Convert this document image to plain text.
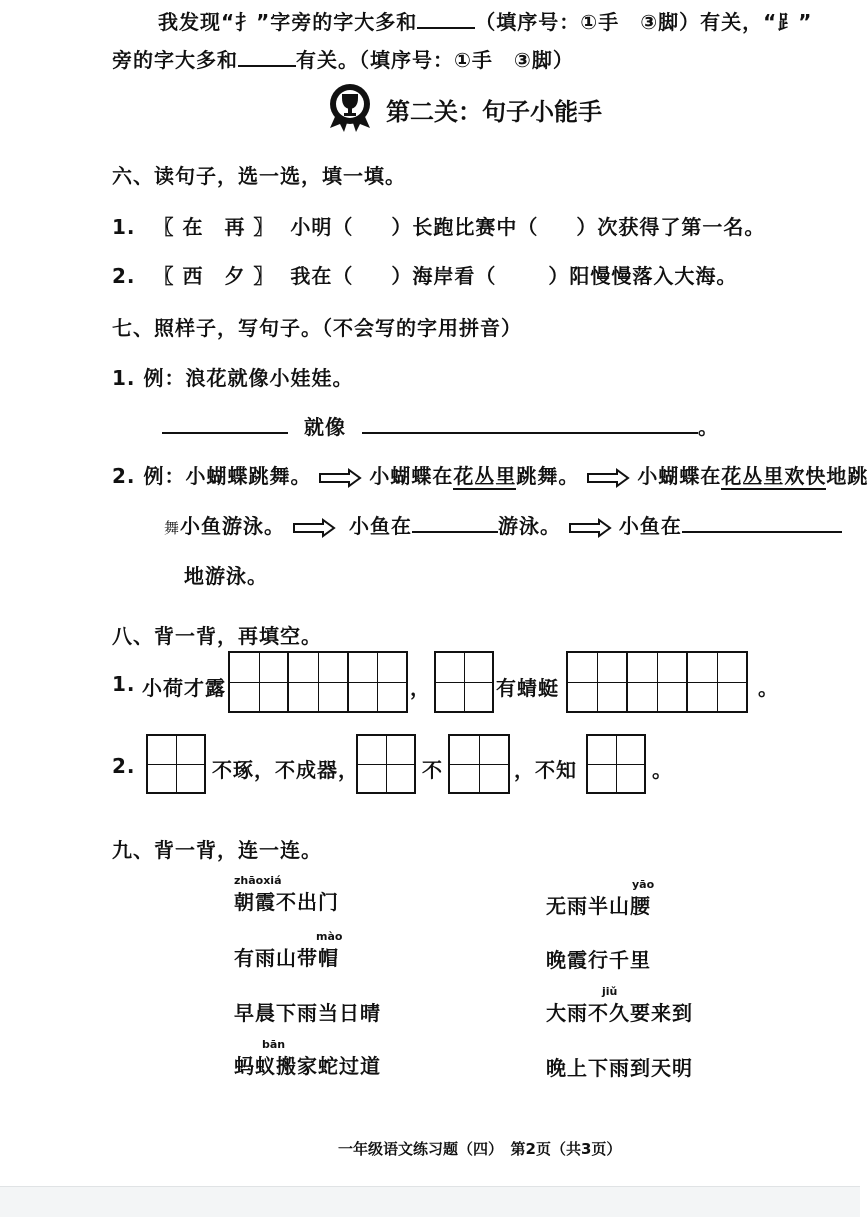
我发现“扌”字旁的字大多和	（填序号：①手　③脚）有关，“⻊”
旁的字大多和	有关。（填序号：①手　③脚）
第二关：句子小能手
六、读句子，选一选，填一填。
1. 〖 在　再 〗 小明（ ）长跑比赛中（ ）次获得了第一名。
2. 〖 西　夕 〗 我在（ ）海岸看（	）阳慢慢落入大海。
七、照样子，写句子。（不会写的字用拼音）
1. 例：浪花就像小娃娃。
就像	。
2. 例：小蝴蝶跳舞。	小蝴蝶在花丛里跳舞。	小蝴蝶在花丛里欢快地跳
舞小鱼游泳。	小鱼在	游泳。	小鱼在
地游泳。
八、背一背，再填空。
1. 小荷才露	，	有蜻蜓	。
2.	不琢，不成器，	不	，不知	。
九、背一背，连一连。
zhāoxiá
朝霞不出门
mào
有雨山带帽
早晨下雨当日晴
bān
蚂蚁搬家蛇过道
yāo
无雨半山腰
晚霞行千里
jiǔ
大雨不久要来到
晚上下雨到天明
一年级语文练习题（四）　第2页（共3页）
